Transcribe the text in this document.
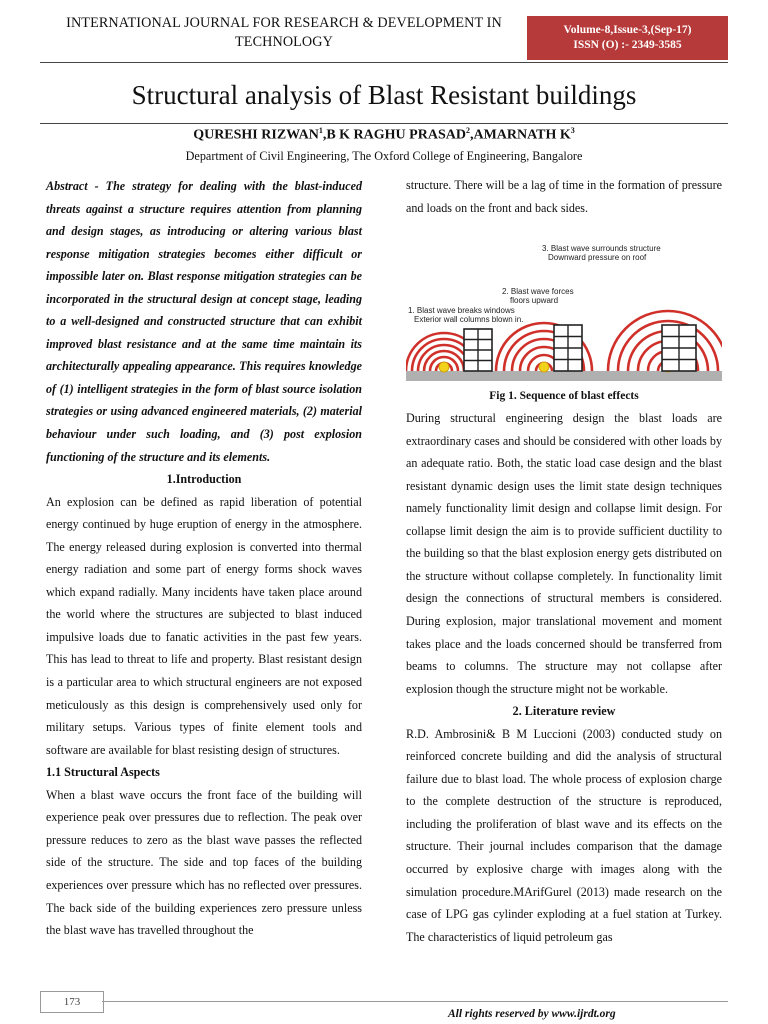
INTERNATIONAL JOURNAL FOR RESEARCH & DEVELOPMENT IN TECHNOLOGY
Volume-8,Issue-3,(Sep-17)
ISSN (O) :- 2349-3585
Structural analysis of Blast Resistant buildings
QURESHI RIZWAN$^1$,B K RAGHU PRASAD$^2$,AMARNATH $K^3$
Department of Civil Engineering, The Oxford College of Engineering, Bangalore

Abstract - The strategy for dealing with the blast-induced threats against a structure requires attention from planning and design stages, as introducing or altering various blast response mitigation strategies becomes either difficult or impossible later on. Blast response mitigation strategies can be incorporated in the structural design at concept stage, leading to a well-designed and constructed structure that can exhibit improved blast resistance and at the same time maintain its architecturally appealing appearance. This requires knowledge of (1) intelligent strategies in the form of blast source isolation strategies or using advanced engineered materials, (2) material behaviour under such loading, and (3) post explosion functioning of the structure and its elements.

1.Introduction

An explosion can be defined as rapid liberation of potential energy continued by huge eruption of energy in the atmosphere. The energy released during explosion is converted into thermal energy radiation and some part of energy forms shock waves which expand radially. Many incidents have taken place around the world where the structures are subjected to blast induced impulsive loads due to fanatic activities in the past few years. This has lead to threat to life and property. Blast resistant design is a particular area to which structural engineers are not exposed meticulously as this design is comprehensively used only for military setups. Various types of finite element tools and software are available for blast resisting design of structures.

1.1 Structural Aspects

When a blast wave occurs the front face of the building will experience peak over pressures due to reflection. The peak over pressure reduces to zero as the blast wave passes the reflected side of the structure. The side and top faces of the building experiences over pressure which has no reflected over pressures. The back side of the building experiences zero pressure unless the blast wave has travelled throughout the

structure. There will be a lag of time in the formation of pressure and loads on the front and back sides.

1. Blast wave breaks windows
Exterior wall columns blown in.
2. Blast wave forces
floors upward
3. Blast wave surrounds structure
Downward pressure on roof

Fig 1. Sequence of blast effects

During structural engineering design the blast loads are extraordinary cases and should be considered with other loads by an adequate ratio. Both, the static load case design and the blast resistant dynamic design uses the limit state design techniques namely functionality limit design and collapse limit design. For collapse limit design the aim is to provide sufficient ductility to the building so that the blast explosion energy gets distributed on the structure without collapse completely. In functionality limit design the connections of structural members is considered. During explosion, major translational movement and moment takes place and the loads concerned should be transferred from beams to columns. The structure may not collapse after explosion though the structure might not be workable.

2. Literature review

R.D. Ambrosini& B M Luccioni (2003) conducted study on reinforced concrete building and did the analysis of structural failure due to blast load. The whole process of explosion charge to the complete destruction of the structure is reproduced, including the proliferation of blast wave and its effects on the structure. Their journal includes comparison that the damage occurred by explosive charge with images along with the simulation procedure.MArifGurel (2013) made research on the case of LPG gas cylinder exploding at a fuel station at Turkey. The characteristics of liquid petroleum gas

173
All rights reserved by www.ijrdt.org
